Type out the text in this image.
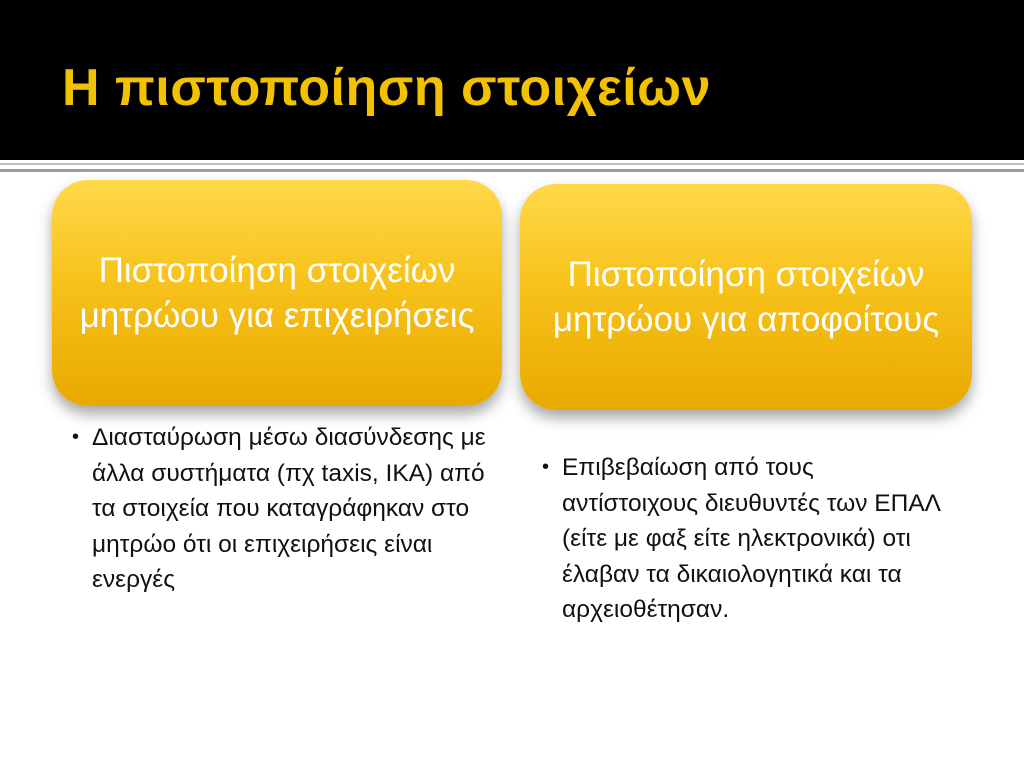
Η πιστοποίηση στοιχείων
Πιστοποίηση στοιχείων μητρώου για επιχειρήσεις
Πιστοποίηση στοιχείων μητρώου για αποφοίτους
• Διασταύρωση μέσω διασύνδεσης με άλλα συστήματα (πχ taxis, ΙΚΑ) από τα στοιχεία που καταγράφηκαν στο μητρώο ότι οι επιχειρήσεις είναι ενεργές
• Επιβεβαίωση από τους αντίστοιχους διευθυντές των ΕΠΑΛ (είτε με φαξ είτε ηλεκτρονικά) οτι έλαβαν τα δικαιολογητικά και τα αρχειοθέτησαν.
